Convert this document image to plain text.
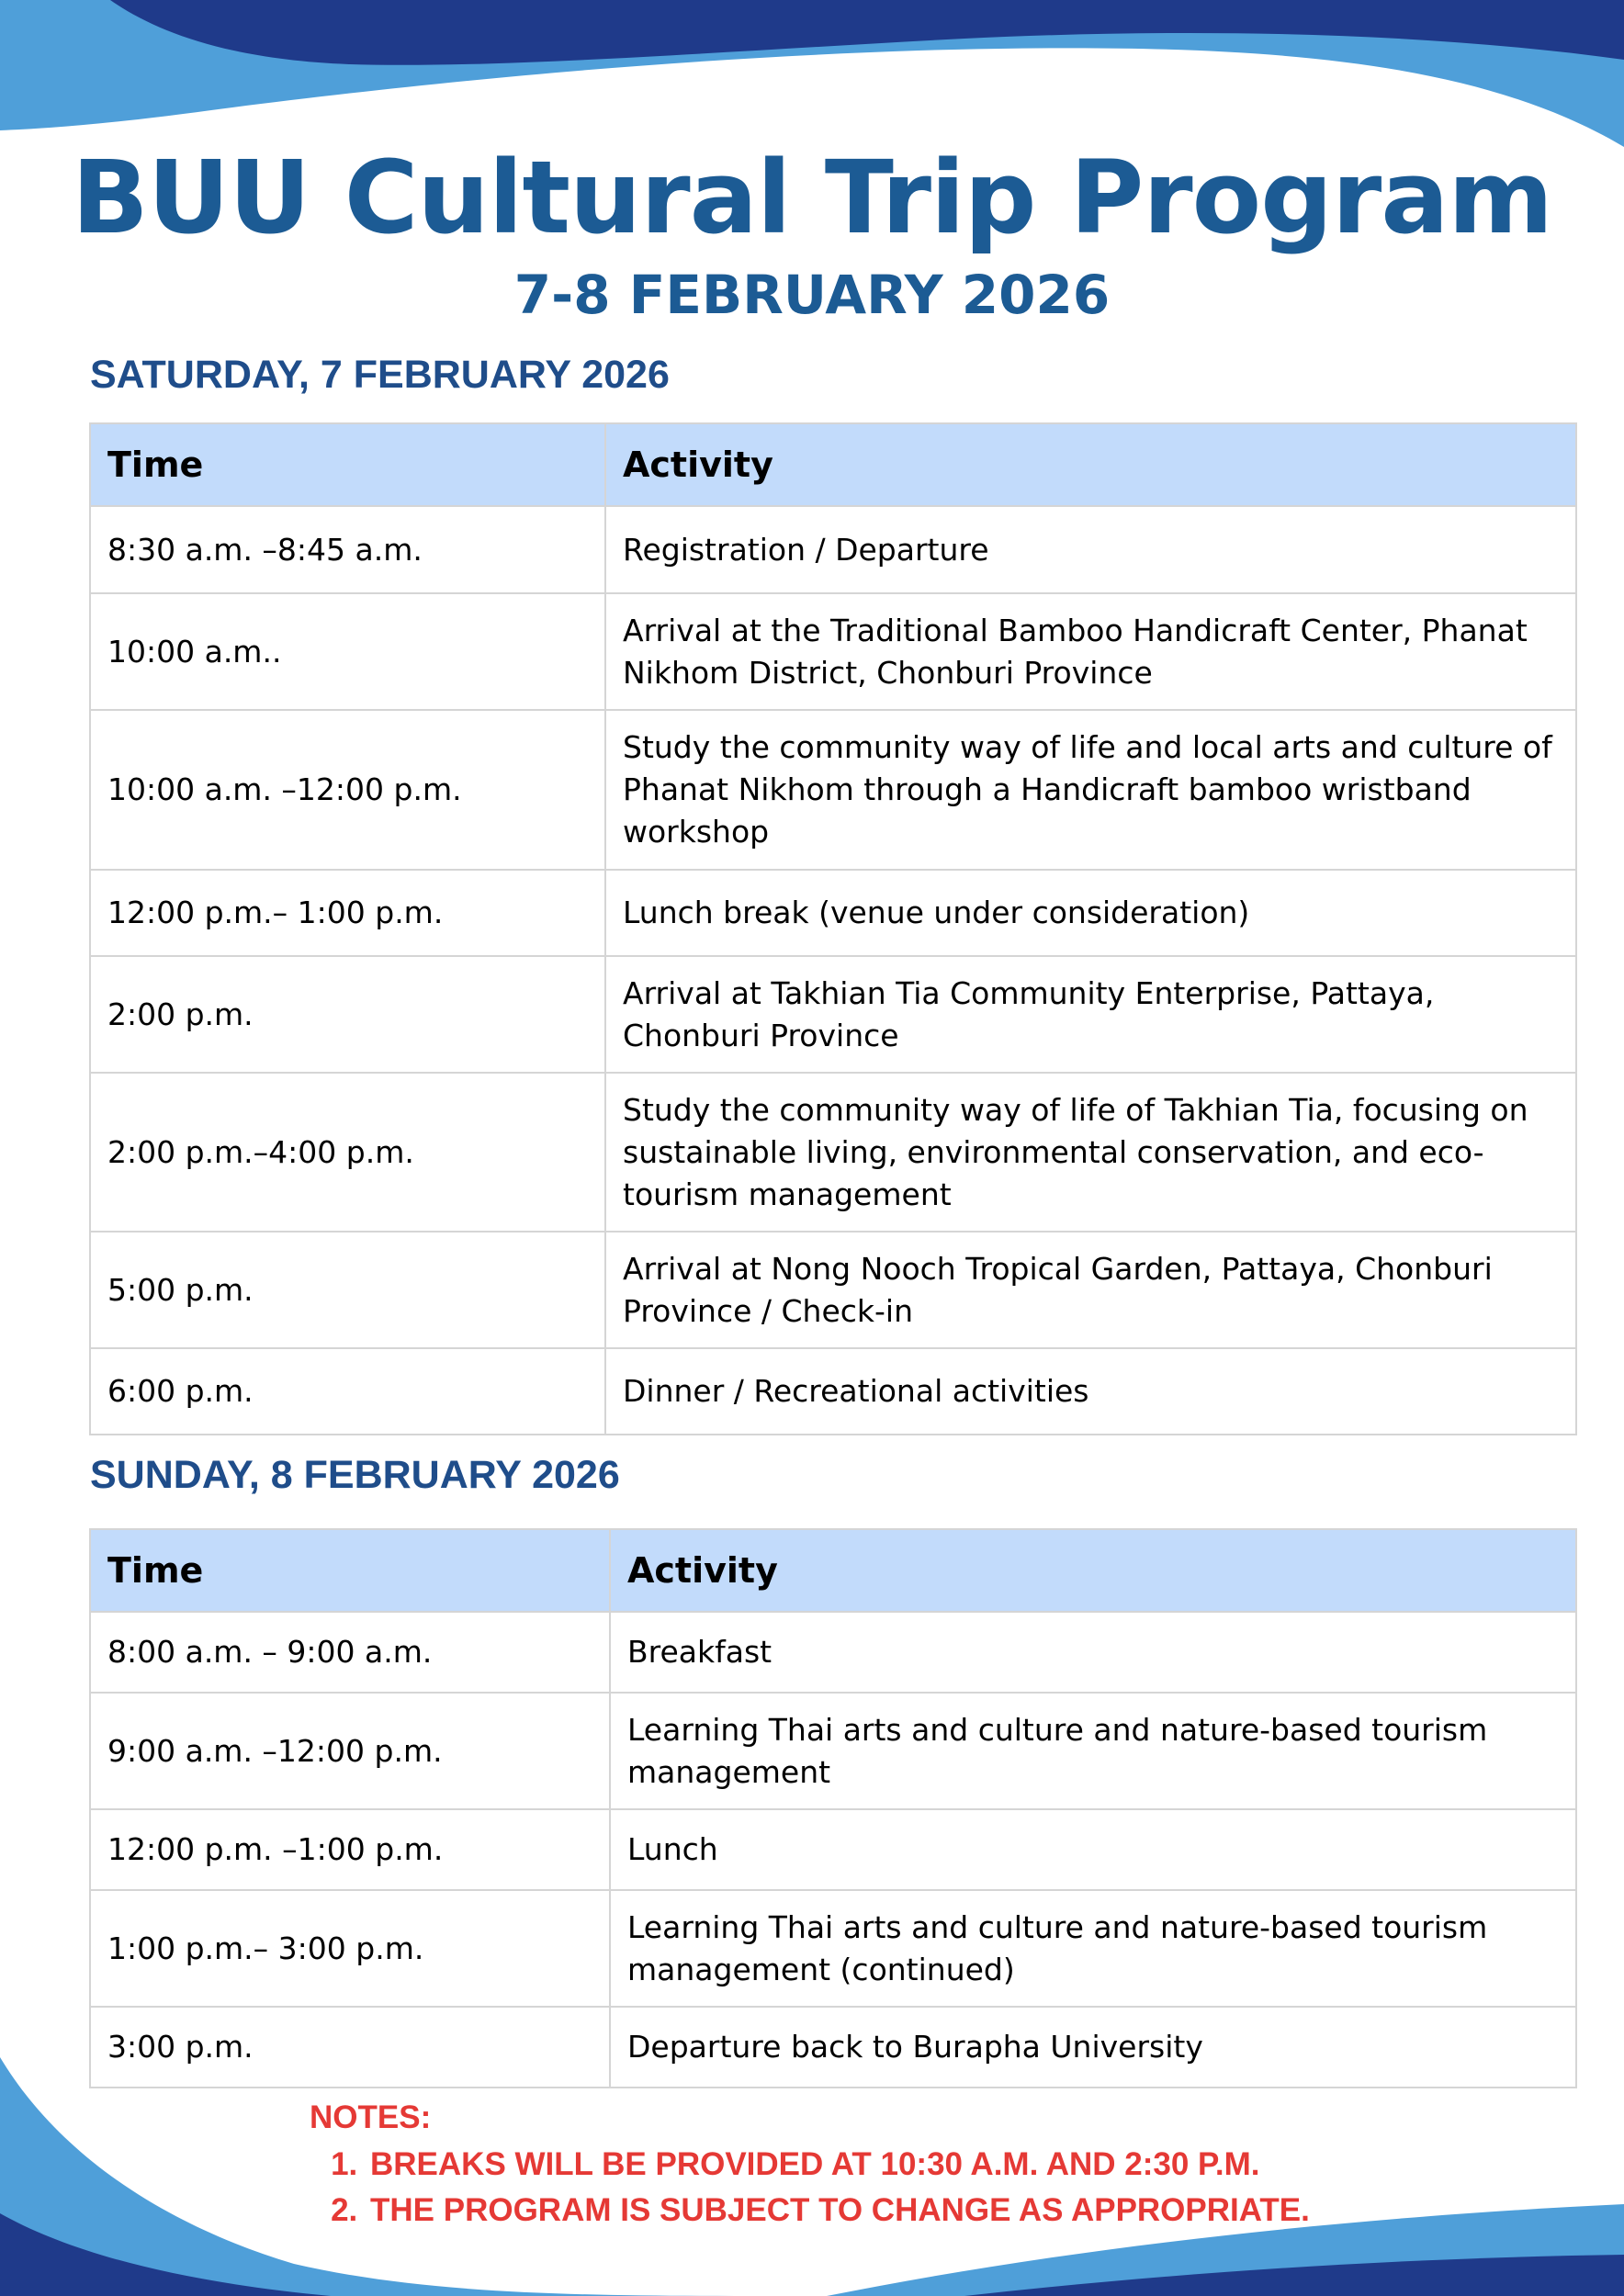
BUU Cultural Trip Program
7-8 FEBRUARY 2026
SATURDAY, 7 FEBRUARY 2026
Time	Activity
8:30 a.m. –8:45 a.m.	Registration / Departure
10:00 a.m..	Arrival at the Traditional Bamboo Handicraft Center, Phanat Nikhom District, Chonburi Province
10:00 a.m. –12:00 p.m.	Study the community way of life and local arts and culture of Phanat Nikhom through a Handicraft bamboo wristband workshop
12:00 p.m.– 1:00 p.m.	Lunch break (venue under consideration)
2:00 p.m.	Arrival at Takhian Tia Community Enterprise, Pattaya, Chonburi Province
2:00 p.m.–4:00 p.m.	Study the community way of life of Takhian Tia, focusing on sustainable living, environmental conservation, and eco-tourism management
5:00 p.m.	Arrival at Nong Nooch Tropical Garden, Pattaya, Chonburi Province / Check-in
6:00 p.m.	Dinner / Recreational activities
SUNDAY, 8 FEBRUARY 2026
Time	Activity
8:00 a.m. – 9:00 a.m.	Breakfast
9:00 a.m. –12:00 p.m.	Learning Thai arts and culture and nature-based tourism management
12:00 p.m. –1:00 p.m.	Lunch
1:00 p.m.– 3:00 p.m.	Learning Thai arts and culture and nature-based tourism management (continued)
3:00 p.m.	Departure back to Burapha University
NOTES:
1. BREAKS WILL BE PROVIDED AT 10:30 A.M. AND 2:30 P.M.
2. THE PROGRAM IS SUBJECT TO CHANGE AS APPROPRIATE.
